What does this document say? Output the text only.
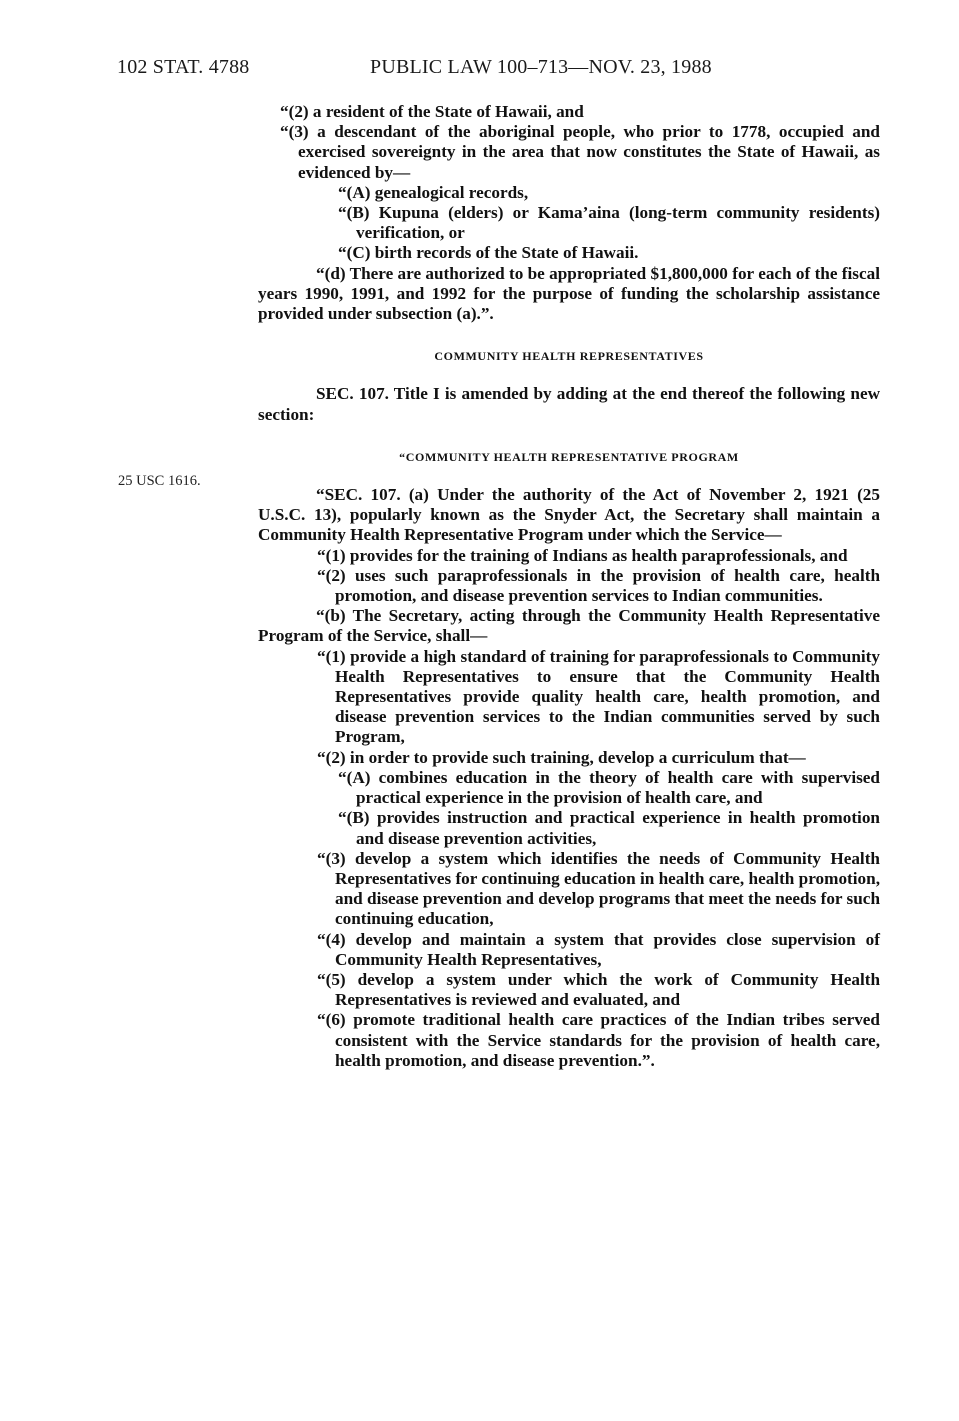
102 STAT. 4788	PUBLIC LAW 100–713—NOV. 23, 1988
25 USC 1616.

“(2) a resident of the State of Hawaii, and

“(3) a descendant of the aboriginal people, who prior to 1778, occupied and exercised sovereignty in the area that now constitutes the State of Hawaii, as evidenced by—

“(A) genealogical records,

“(B) Kupuna (elders) or Kama’aina (long-term community residents) verification, or

“(C) birth records of the State of Hawaii.

“(d) There are authorized to be appropriated $1,800,000 for each of the fiscal years 1990, 1991, and 1992 for the purpose of funding the scholarship assistance provided under subsection (a).”.

COMMUNITY HEALTH REPRESENTATIVES

SEC. 107. Title I is amended by adding at the end thereof the following new section:

“COMMUNITY HEALTH REPRESENTATIVE PROGRAM

“SEC. 107. (a) Under the authority of the Act of November 2, 1921 (25 U.S.C. 13), popularly known as the Snyder Act, the Secretary shall maintain a Community Health Representative Program under which the Service—

“(1) provides for the training of Indians as health paraprofessionals, and

“(2) uses such paraprofessionals in the provision of health care, health promotion, and disease prevention services to Indian communities.

“(b) The Secretary, acting through the Community Health Representative Program of the Service, shall—

“(1) provide a high standard of training for paraprofessionals to Community Health Representatives to ensure that the Community Health Representatives provide quality health care, health promotion, and disease prevention services to the Indian communities served by such Program,

“(2) in order to provide such training, develop a curriculum that—

“(A) combines education in the theory of health care with supervised practical experience in the provision of health care, and

“(B) provides instruction and practical experience in health promotion and disease prevention activities,

“(3) develop a system which identifies the needs of Community Health Representatives for continuing education in health care, health promotion, and disease prevention and develop programs that meet the needs for such continuing education,

“(4) develop and maintain a system that provides close supervision of Community Health Representatives,

“(5) develop a system under which the work of Community Health Representatives is reviewed and evaluated, and

“(6) promote traditional health care practices of the Indian tribes served consistent with the Service standards for the provision of health care, health promotion, and disease prevention.”.
